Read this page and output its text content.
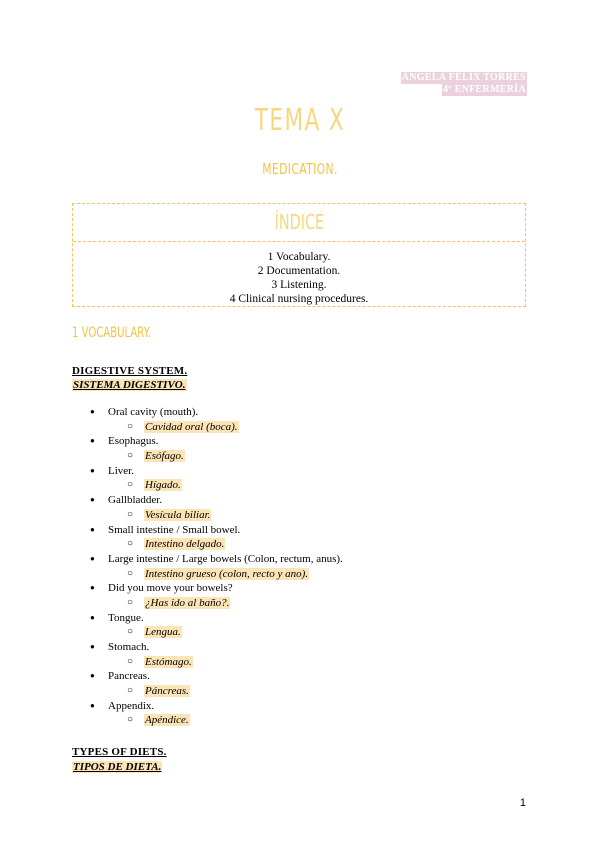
ANGELA FÉLIX TORRES
4º ENFERMERÍA
TEMA X
MEDICATION.
ÍNDICE
1 Vocabulary.
2 Documentation.
3 Listening.
4 Clinical nursing procedures.
1 VOCABULARY.
DIGESTIVE SYSTEM.
SISTEMA DIGESTIVO.
● Oral cavity (mouth).
○ Cavidad oral (boca).
● Esophagus.
○ Esófago.
● Liver.
○ Hígado.
● Gallbladder.
○ Vesícula biliar.
● Small intestine / Small bowel.
○ Intestino delgado.
● Large intestine / Large bowels (Colon, rectum, anus).
○ Intestino grueso (colon, recto y ano).
● Did you move your bowels?
○ ¿Has ido al baño?.
● Tongue.
○ Lengua.
● Stomach.
○ Estómago.
● Pancreas.
○ Páncreas.
● Appendix.
○ Apéndice.
TYPES OF DIETS.
TIPOS DE DIETA.
1
